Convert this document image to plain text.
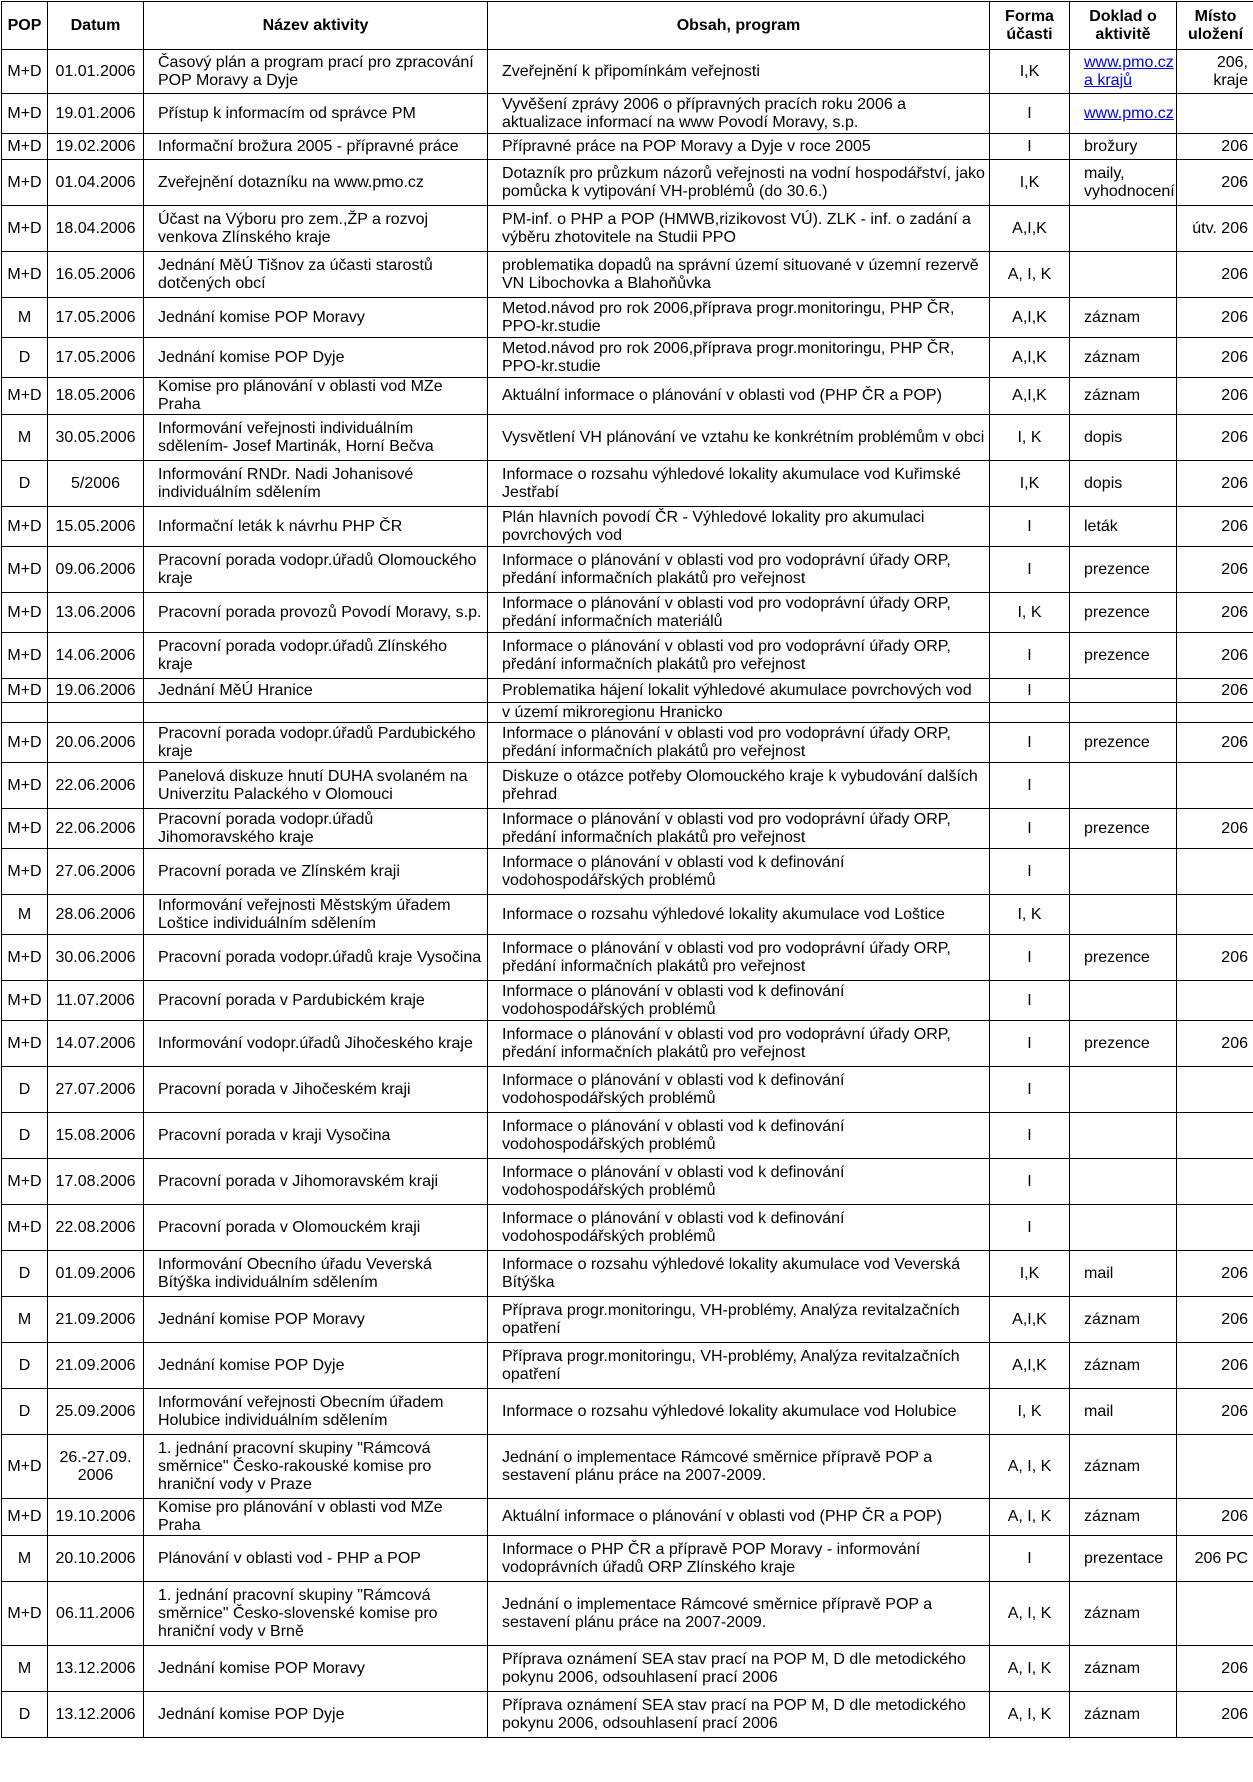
POP	Datum	Název aktivity	Obsah, program	Forma účasti	Doklad o aktivitě	Místo uložení
M+D	01.01.2006	Časový plán a program prací pro zpracování POP Moravy a Dyje	Zveřejnění k připomínkám veřejnosti	I,K	www.pmo.cz a krajů	206, kraje
M+D	19.01.2006	Přístup k informacím od správce PM	Vyvěšení zprávy 2006 o přípravných pracích roku 2006 a aktualizace informací na www Povodí Moravy, s.p.	I	www.pmo.cz	
M+D	19.02.2006	Informační brožura 2005 - přípravné práce	Přípravné práce na POP Moravy a Dyje v roce 2005	I	brožury	206
M+D	01.04.2006	Zveřejnění dotazníku na www.pmo.cz	Dotazník pro průzkum názorů veřejnosti na vodní hospodářství, jako pomůcka k vytipování VH-problémů (do 30.6.)	I,K	maily, vyhodnocení	206
M+D	18.04.2006	Účast na Výboru pro zem.,ŽP a rozvoj venkova Zlínského kraje	PM-inf. o PHP a POP (HMWB,rizikovost VÚ). ZLK - inf. o zadání a výběru zhotovitele na Studii PPO	A,I,K		útv. 206
M+D	16.05.2006	Jednání MěÚ Tišnov za účasti starostů dotčených obcí	problematika dopadů na správní území situované v územní rezervě VN Libochovka a Blahoňůvka	A, I, K		206
M	17.05.2006	Jednání komise POP Moravy	Metod.návod pro rok 2006,příprava progr.monitoringu, PHP ČR, PPO-kr.studie	A,I,K	záznam	206
D	17.05.2006	Jednání komise POP Dyje	Metod.návod pro rok 2006,příprava progr.monitoringu, PHP ČR, PPO-kr.studie	A,I,K	záznam	206
M+D	18.05.2006	Komise pro plánování v oblasti vod MZe Praha	Aktuální informace o plánování v oblasti vod (PHP ČR a POP)	A,I,K	záznam	206
M	30.05.2006	Informování veřejnosti individuálním sdělením- Josef Martinák, Horní Bečva	Vysvětlení VH plánování ve vztahu ke konkrétním problémům v obci	I, K	dopis	206
D	5/2006	Informování RNDr. Nadi Johanisové individuálním sdělením	Informace o rozsahu výhledové lokality akumulace vod Kuřimské Jestřabí	I,K	dopis	206
M+D	15.05.2006	Informační leták k návrhu PHP ČR	Plán hlavních povodí ČR - Výhledové lokality pro akumulaci povrchových vod	I	leták	206
M+D	09.06.2006	Pracovní porada vodopr.úřadů Olomouckého kraje	Informace o plánování v oblasti vod pro vodoprávní úřady ORP, předání informačních plakátů pro veřejnost	I	prezence	206
M+D	13.06.2006	Pracovní porada provozů Povodí Moravy, s.p.	Informace o plánování v oblasti vod pro vodoprávní úřady ORP, předání informačních materiálů	I, K	prezence	206
M+D	14.06.2006	Pracovní porada vodopr.úřadů Zlínského kraje	Informace o plánování v oblasti vod pro vodoprávní úřady ORP, předání informačních plakátů pro veřejnost	I	prezence	206
M+D	19.06.2006	Jednání MěÚ Hranice	Problematika hájení lokalit výhledové akumulace povrchových vod	I		206
			v území mikroregionu Hranicko			
M+D	20.06.2006	Pracovní porada vodopr.úřadů Pardubického kraje	Informace o plánování v oblasti vod pro vodoprávní úřady ORP, předání informačních plakátů pro veřejnost	I	prezence	206
M+D	22.06.2006	Panelová diskuze hnutí DUHA svolaném na Univerzitu Palackého v Olomouci	Diskuze o otázce potřeby Olomouckého kraje k vybudování dalších přehrad	I		
M+D	22.06.2006	Pracovní porada vodopr.úřadů Jihomoravského kraje	Informace o plánování v oblasti vod pro vodoprávní úřady ORP, předání informačních plakátů pro veřejnost	I	prezence	206
M+D	27.06.2006	Pracovní porada ve Zlínském kraji	Informace o plánování v oblasti vod k definování vodohospodářských problémů	I		
M	28.06.2006	Informování veřejnosti Městským úřadem Loštice individuálním sdělením	Informace o rozsahu výhledové lokality akumulace vod Loštice	I, K		
M+D	30.06.2006	Pracovní porada vodopr.úřadů kraje Vysočina	Informace o plánování v oblasti vod pro vodoprávní úřady ORP, předání informačních plakátů pro veřejnost	I	prezence	206
M+D	11.07.2006	Pracovní porada v Pardubickém kraje	Informace o plánování v oblasti vod k definování vodohospodářských problémů	I		
M+D	14.07.2006	Informování vodopr.úřadů Jihočeského kraje	Informace o plánování v oblasti vod pro vodoprávní úřady ORP, předání informačních plakátů pro veřejnost	I	prezence	206
D	27.07.2006	Pracovní porada v Jihočeském kraji	Informace o plánování v oblasti vod k definování vodohospodářských problémů	I		
D	15.08.2006	Pracovní porada v kraji Vysočina	Informace o plánování v oblasti vod k definování vodohospodářských problémů	I		
M+D	17.08.2006	Pracovní porada v Jihomoravském kraji	Informace o plánování v oblasti vod k definování vodohospodářských problémů	I		
M+D	22.08.2006	Pracovní porada v Olomouckém kraji	Informace o plánování v oblasti vod k definování vodohospodářských problémů	I		
D	01.09.2006	Informování Obecního úřadu Veverská Bítýška individuálním sdělením	Informace o rozsahu výhledové lokality akumulace vod Veverská Bítýška	I,K	mail	206
M	21.09.2006	Jednání komise POP Moravy	Příprava progr.monitoringu, VH-problémy, Analýza revitalzačních opatření	A,I,K	záznam	206
D	21.09.2006	Jednání komise POP Dyje	Příprava progr.monitoringu, VH-problémy, Analýza revitalzačních opatření	A,I,K	záznam	206
D	25.09.2006	Informování veřejnosti Obecním úřadem Holubice individuálním sdělením	Informace o rozsahu výhledové lokality akumulace vod Holubice	I, K	mail	206
M+D	26.-27.09. 2006	1. jednání pracovní skupiny "Rámcová směrnice" Česko-rakouské komise pro hraniční vody v Praze	Jednání o implementace Rámcové směrnice přípravě POP a sestavení plánu práce na 2007-2009.	A, I, K	záznam	
M+D	19.10.2006	Komise pro plánování v oblasti vod MZe Praha	Aktuální informace o plánování v oblasti vod (PHP ČR a POP)	A, I, K	záznam	206
M	20.10.2006	Plánování v oblasti vod - PHP a POP	Informace o PHP ČR a přípravě POP Moravy - informování vodoprávních úřadů ORP Zlínského kraje	I	prezentace	206 PC
M+D	06.11.2006	1. jednání pracovní skupiny "Rámcová směrnice" Česko-slovenské komise pro hraniční vody v Brně	Jednání o implementace Rámcové směrnice přípravě POP a sestavení plánu práce na 2007-2009.	A, I, K	záznam	
M	13.12.2006	Jednání komise POP Moravy	Příprava oznámení SEA stav prací na POP M, D dle metodického pokynu 2006, odsouhlasení prací 2006	A, I, K	záznam	206
D	13.12.2006	Jednání komise POP Dyje	Příprava oznámení SEA stav prací na POP M, D dle metodického pokynu 2006, odsouhlasení prací 2006	A, I, K	záznam	206
